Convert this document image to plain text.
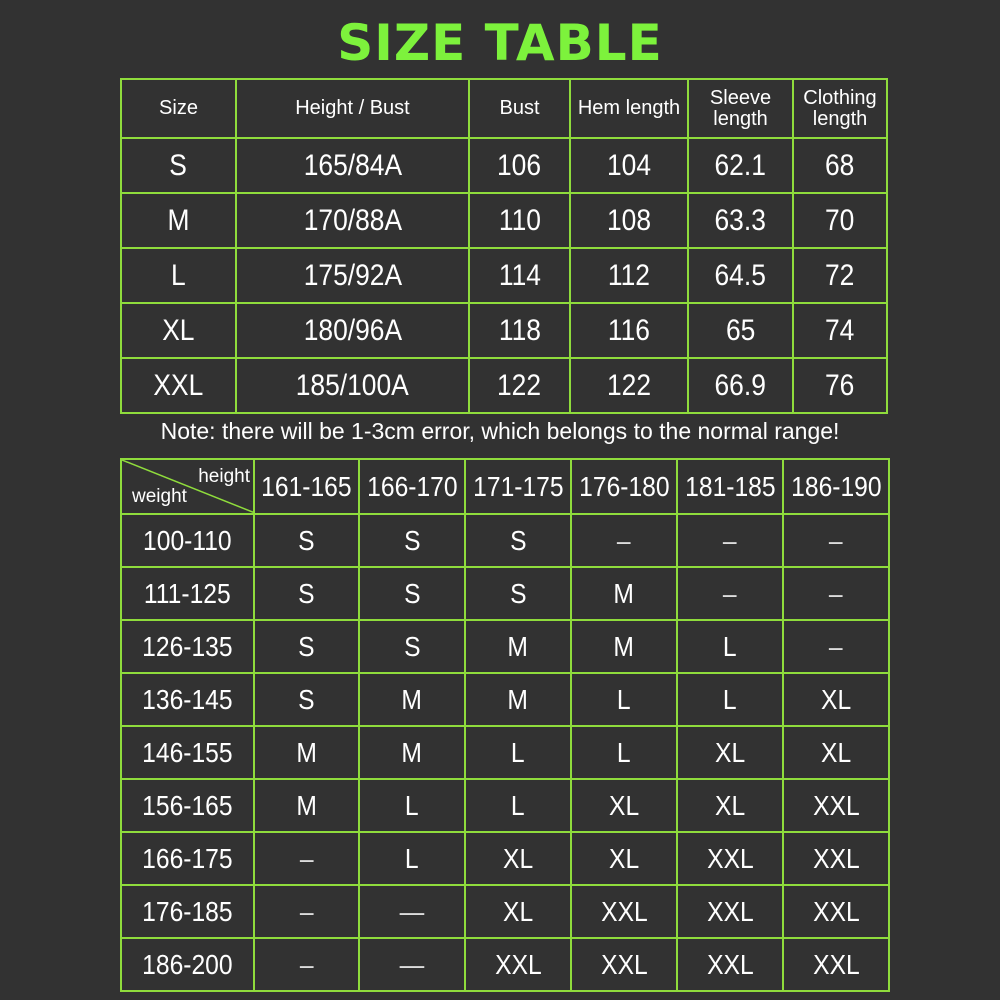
SIZE TABLE
Size	Height / Bust	Bust	Hem length	Sleeve length	Clothing length
S	165/84A	106	104	62.1	68
M	170/88A	110	108	63.3	70
L	175/92A	114	112	64.5	72
XL	180/96A	118	116	65	74
XXL	185/100A	122	122	66.9	76
Note: there will be 1-3cm error, which belongs to the normal range!
height
weight	161-165	166-170	171-175	176-180	181-185	186-190
100-110	S	S	S	–	–	–
111-125	S	S	S	M	–	–
126-135	S	S	M	M	L	–
136-145	S	M	M	L	L	XL
146-155	M	M	L	L	XL	XL
156-165	M	L	L	XL	XL	XXL
166-175	–	L	XL	XL	XXL	XXL
176-185	–	—	XL	XXL	XXL	XXL
186-200	–	—	XXL	XXL	XXL	XXL
